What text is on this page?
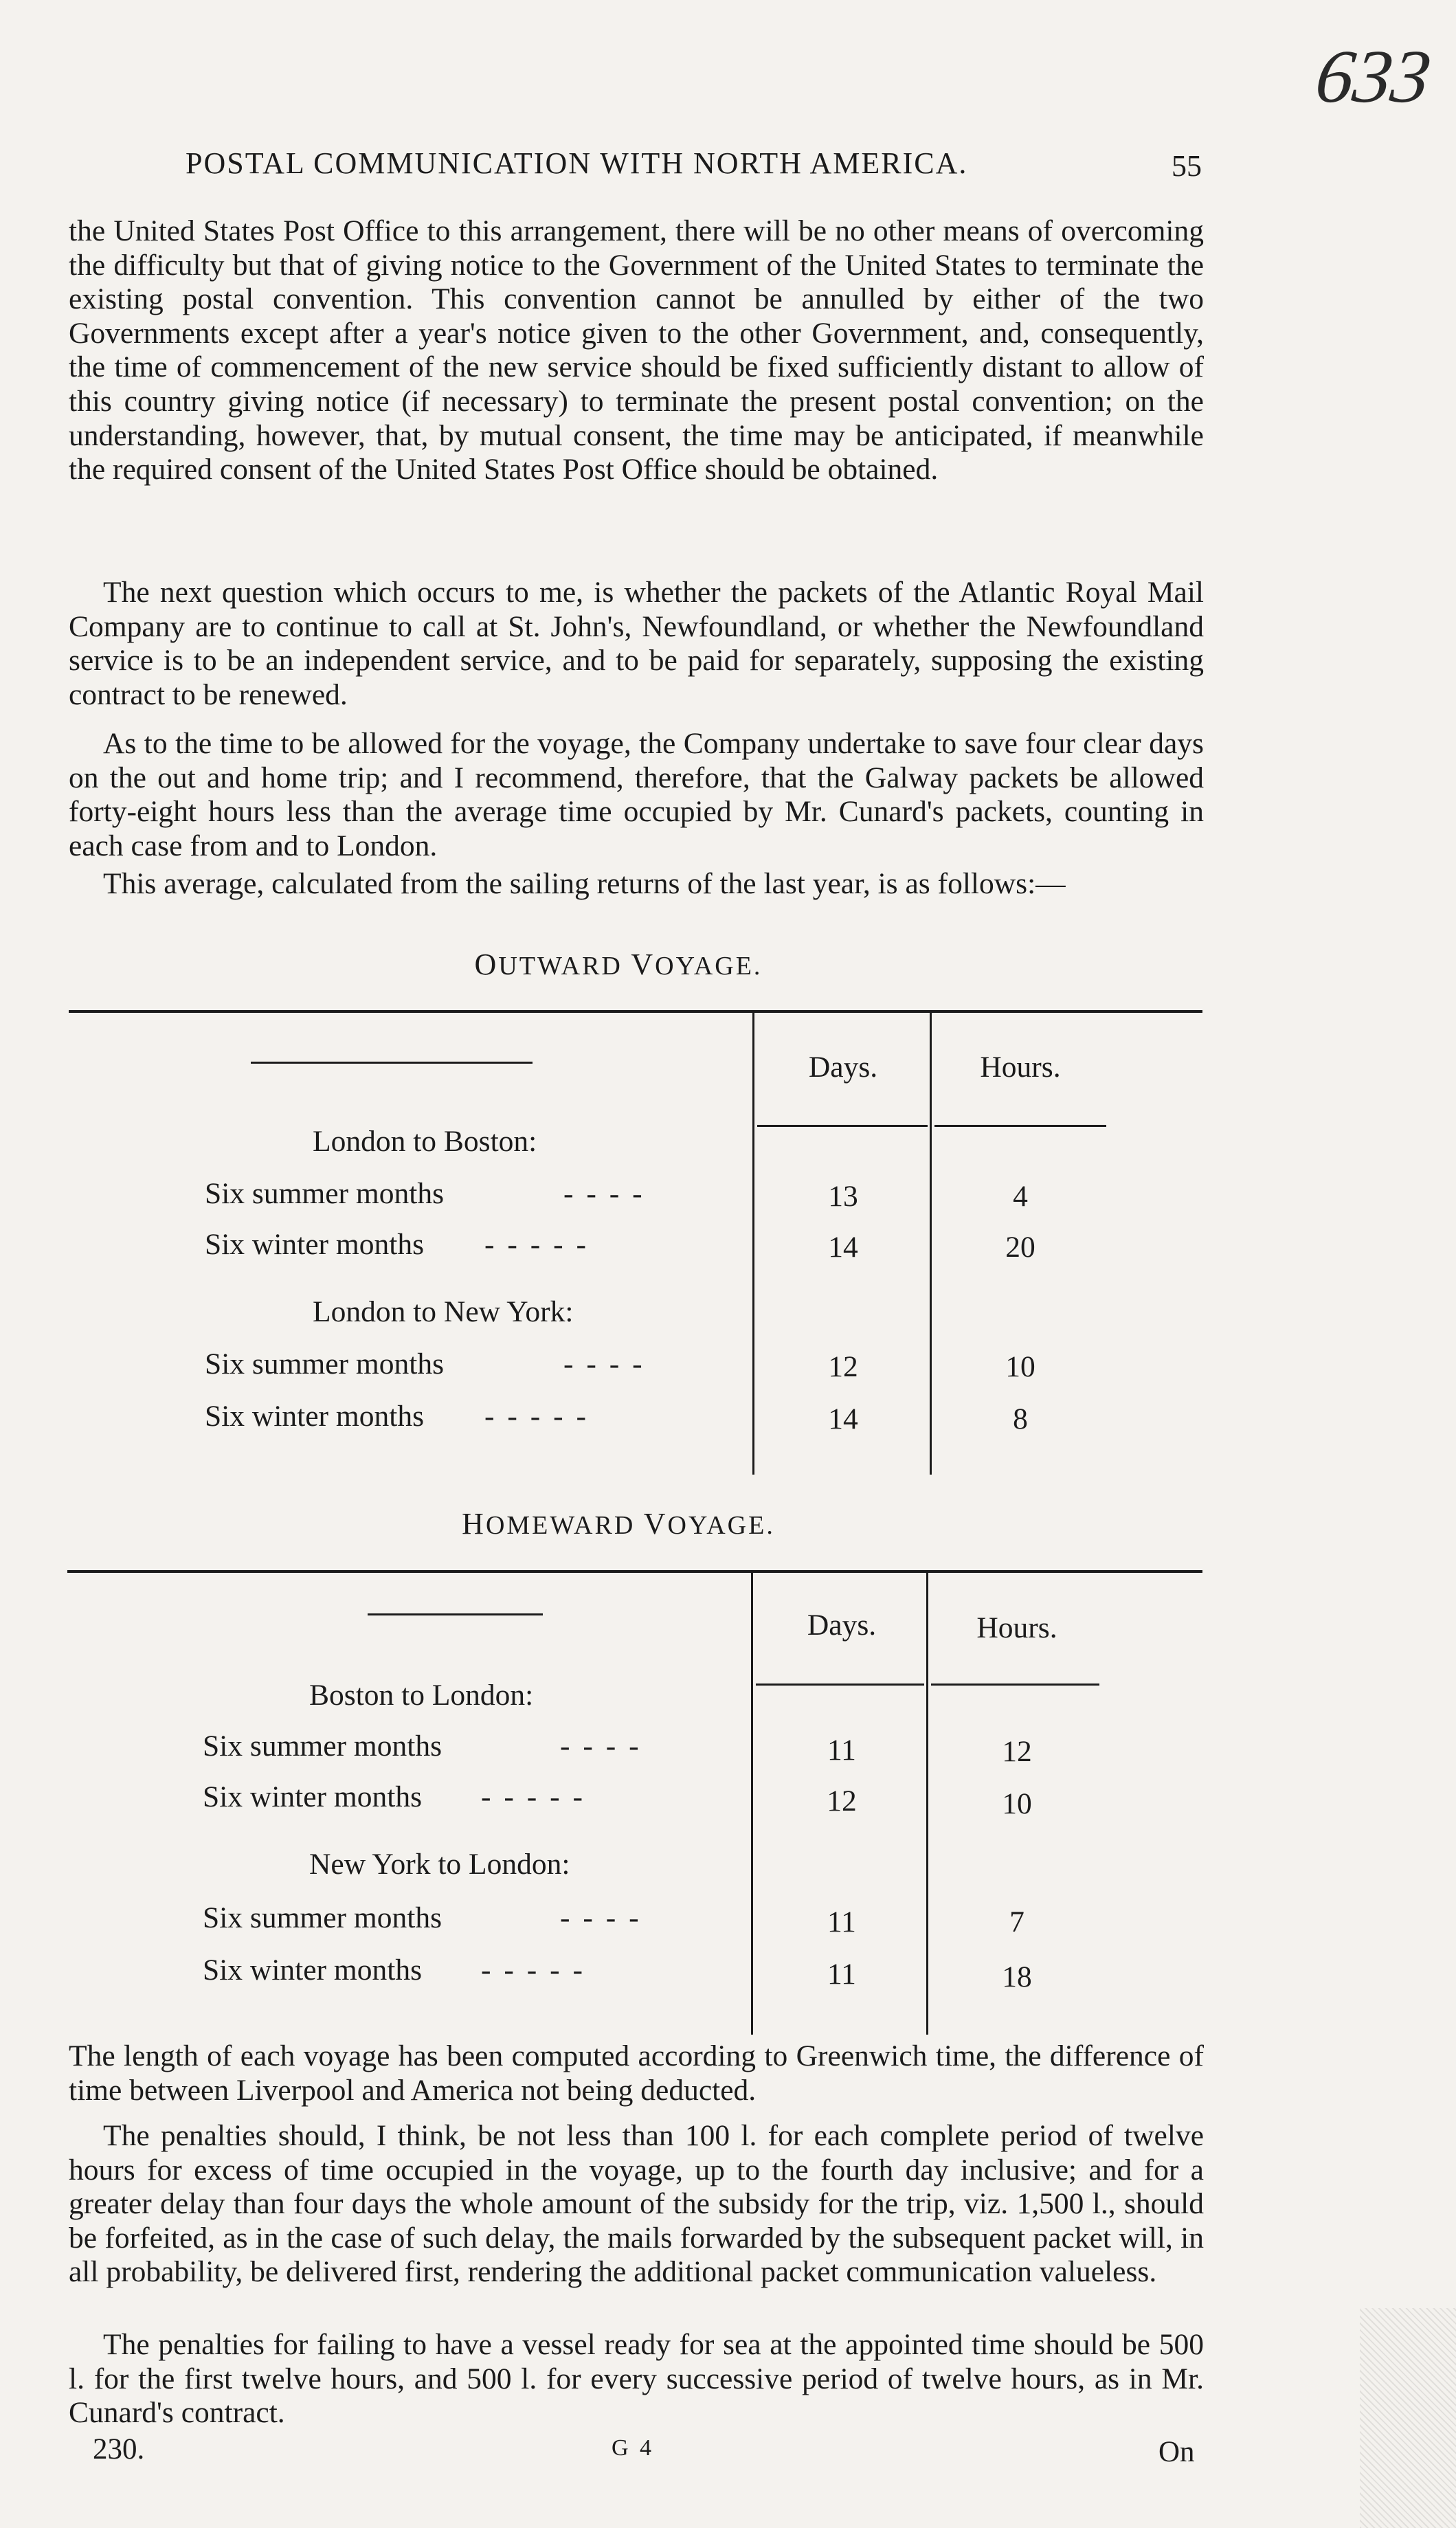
633
POSTAL COMMUNICATION WITH NORTH AMERICA.	55

the United States Post Office to this arrangement, there will be no other means of overcoming the difficulty but that of giving notice to the Government of the United States to terminate the existing postal convention. This convention cannot be annulled by either of the two Governments except after a year's notice given to the other Government, and, consequently, the time of commencement of the new service should be fixed sufficiently distant to allow of this country giving notice (if necessary) to terminate the present postal convention; on the understanding, however, that, by mutual consent, the time may be anticipated, if meanwhile the required consent of the United States Post Office should be obtained.

The next question which occurs to me, is whether the packets of the Atlantic Royal Mail Company are to continue to call at St. John's, Newfoundland, or whether the Newfoundland service is to be an independent service, and to be paid for separately, supposing the existing contract to be renewed.

As to the time to be allowed for the voyage, the Company undertake to save four clear days on the out and home trip; and I recommend, therefore, that the Galway packets be allowed forty-eight hours less than the average time occupied by Mr. Cunard's packets, counting in each case from and to London.

This average, calculated from the sailing returns of the last year, is as follows:—

OUTWARD VOYAGE.
Days.	Hours.
London to Boston:
Six summer months	- - - -	13	4
Six winter months - - - - -	14	20
London to New York:
Six summer months	- - - -	12	10
Six winter months - - - - -	14	8
HOMEWARD VOYAGE.
Days.	Hours.
Boston to London:
Six summer months	- - - -	11	12
Six winter months - - - - -	12	10
New York to London:
Six summer months	- - - -	11	7
Six winter months - - - - -	11	18

The length of each voyage has been computed according to Greenwich time, the difference of time between Liverpool and America not being deducted.

The penalties should, I think, be not less than 100 l. for each complete period of twelve hours for excess of time occupied in the voyage, up to the fourth day inclusive; and for a greater delay than four days the whole amount of the subsidy for the trip, viz. 1,500 l., should be forfeited, as in the case of such delay, the mails forwarded by the subsequent packet will, in all probability, be delivered first, rendering the additional packet communication valueless.

The penalties for failing to have a vessel ready for sea at the appointed time should be 500 l. for the first twelve hours, and 500 l. for every successive period of twelve hours, as in Mr. Cunard's contract.

230.	G 4	On
